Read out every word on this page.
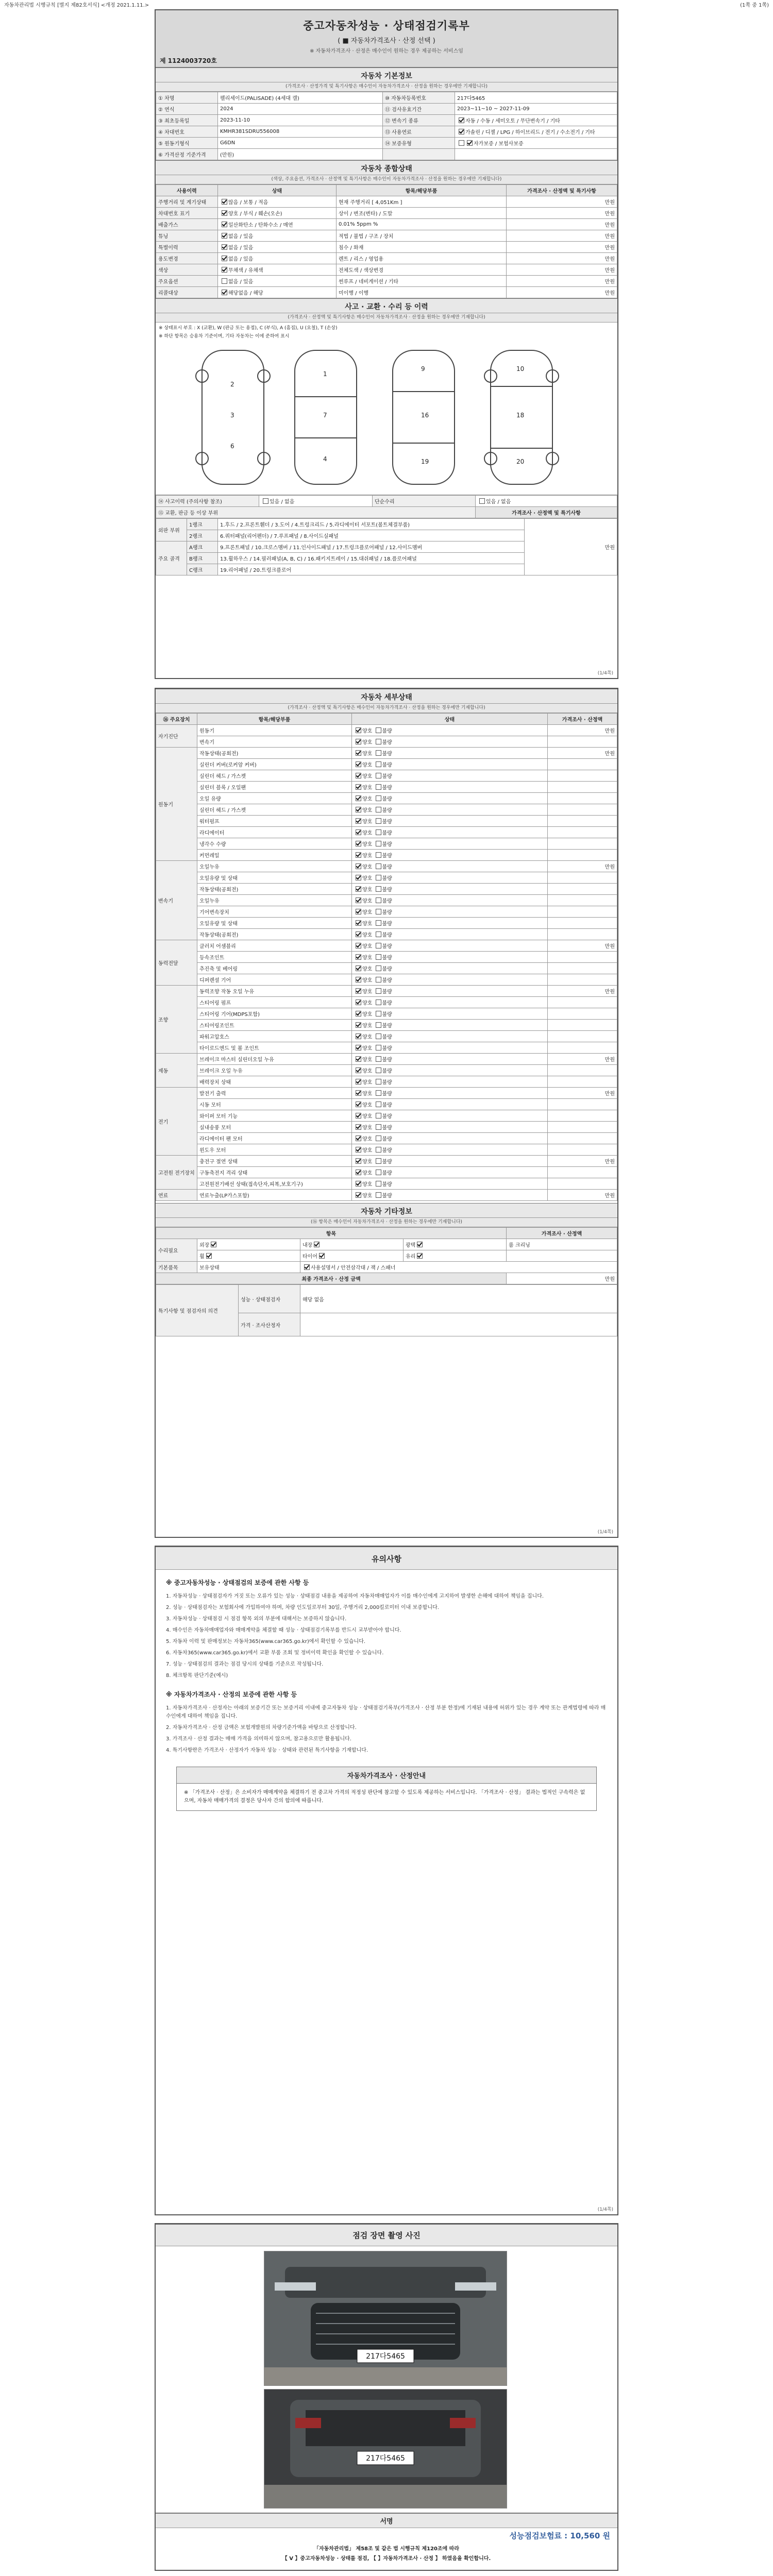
자동차관리법 시행규칙 [별지 제82호서식] <개정 2021.1.11.>	(1쪽 중 1쪽)
중고자동차성능 · 상태점검기록부
( ■ 자동차가격조사 · 산정 선택 )
※ 자동차가격조사 · 산정은 매수인이 원하는 경우 제공하는 서비스임
제 1124003720호
자동차 기본정보
(가격조사 · 산정가격 및 특기사항은 매수인이 자동차가격조사 · 산정을 원하는 경우에만 기재합니다)
① 차명	펠리세이드(PALISADE) (4세대 캘)	⑩ 자동차등록번호	217다5465
② 연식	2024	⑪ 검사유효기간	2023~11~10 ~ 2027-11-09
③ 최초등록일	2023-11-10	⑫ 변속기 종류	자동 / 수동 / 세미오토 / 무단변속기 / 기타
④ 차대번호	KMHR381SDRU556008	⑬ 사용연료	가솔린 / 디젤 / LPG / 하이브리드 / 전기 / 수소전기 / 기타
⑤ 원동기형식	G6DN	⑭ 보증유형	자가보증 / 보험사보증
⑥ 가격산정 기준가격	(만원)		
자동차 종합상태
(색상, 주요옵션, 가격조사 · 산정액 및 특기사항은 매수인이 자동차가격조사 · 산정을 원하는 경우에만 기재합니다)
사용이력	상태	항목/해당부품	가격조사 · 산정액 및 특기사항
주행거리 및 계기상태	많음 / 보통 / 적음	현재 주행거리 [ 4,051Km ]	만원
차대번호 표기	양호 / 부식 / 훼손(오손)	상이 / 변조(변타) / 도말	만원
배출가스	일산화탄소 / 탄화수소 / 매연	0.01% 5ppm %	만원
튜닝	없음 / 있음	적법 / 불법 / 구조 / 장치	만원
특별이력	없음 / 있음	침수 / 화재	만원
용도변경	없음 / 있음	렌트 / 리스 / 영업용	만원
색상	무채색 / 유채색	전체도색 / 색상변경	만원
주요옵션	없음 / 있음	썬루프 / 네비게이션 / 기타	만원
리콜대상	해당없음 / 해당	미이행 / 이행	만원
사고 · 교환 · 수리 등 이력
(가격조사 · 산정액 및 특기사항은 매수인이 자동차가격조사 · 산정을 원하는 경우에만 기재합니다)
※ 상태표시 부호 : X (교환), W (판금 또는 용접), C (부식), A (흠집), U (요철), T (손상)
※ 하단 항목은 승용차 기준이며, 기타 자동차는 이에 준하여 표시
1
7
4
3
2
6
9
16
19
10
18
20
⑭ 사고이력 (주의사항 참조)	있음 / 없음	단순수리	있음 / 없음
⑮ 교환, 판금 등 이상 부위			가격조사 · 산정액 및 특기사항
외판 부위	1랭크	1.후드 / 2.프론트휀더 / 3.도어 / 4.트렁크리드 / 5.라디에이터 서포트(볼트체결부품)	만원
	2랭크	6.쿼터패널(리어펜더) / 7.루프패널 / 8.사이드실패널	
주요 골격	A랭크	9.프론트패널 / 10.크로스멤버 / 11.인사이드패널 / 17.트렁크플로어패널 / 12.사이드멤버	
	B랭크	13.휠하우스 / 14.필러패널(A, B, C) / 16.패키지트레이 / 15.대쉬패널 / 18.플로어패널	
	C랭크	19.리어패널 / 20.트렁크플로어	
(1/4쪽)
자동차 세부상태
(가격조사 · 산정액 및 특기사항은 매수인이 자동차가격조사 · 산정을 원하는 경우에만 기재합니다)
⑯ 주요장치	항목/해당부품	상태	가격조사 · 산정액
자기진단	원동기	양호 불량	만원
	변속기	양호 불량	
원동기	작동상태(공회전)	양호 불량	만원
	실린더 커버(로커암 커버)	양호 불량	
	실린더 헤드 / 가스켓	양호 불량	
	실린더 블록 / 오일팬	양호 불량	
	오일 유량	양호 불량	
	실린더 헤드 / 가스켓	양호 불량	
	워터펌프	양호 불량	
	라디에이터	양호 불량	
	냉각수 수량	양호 불량	
	커먼레일	양호 불량	
변속기	오일누유	양호 불량	만원
	오일유량 및 상태	양호 불량	
	작동상태(공회전)	양호 불량	
	오일누유	양호 불량	
	기어변속장치	양호 불량	
	오일유량 및 상태	양호 불량	
	작동상태(공회전)	양호 불량	
동력전달	클러치 어셈블리	양호 불량	만원
	등속조인트	양호 불량	
	추진축 및 베어링	양호 불량	
	디퍼렌셜 기어	양호 불량	
조향	동력조향 작동 오일 누유	양호 불량	만원
	스티어링 펌프	양호 불량	
	스티어링 기어(MDPS포함)	양호 불량	
	스티어링조인트	양호 불량	
	파워고압호스	양호 불량	
	타이로드엔드 및 볼 조인트	양호 불량	
제동	브레이크 마스터 실린더오일 누유	양호 불량	만원
	브레이크 오일 누유	양호 불량	
	배력장치 상태	양호 불량	
전기	발전기 출력	양호 불량	만원
	시동 모터	양호 불량	
	와이퍼 모터 기능	양호 불량	
	실내송풍 모터	양호 불량	
	라디에이터 팬 모터	양호 불량	
	윈도우 모터	양호 불량	
고전원 전기장치	충전구 절연 상태	양호 불량	만원
	구동축전지 격리 상태	양호 불량	
	고전원전기배선 상태(접속단자,피복,보호기구)	양호 불량	
연료	연료누출(LP가스포함)	양호 불량	만원
자동차 기타정보
(⑯ 항목은 매수인이 자동차가격조사 · 산정을 원하는 경우에만 기재합니다)
항목				가격조사 · 산정액
수리필요	외장	내장	광택	룸 크리닝
	휠	타이어	유리	
기본품목	보유상태	사용설명서 / 안전삼각대 / 잭 / 스패너		
최종 가격조사 · 산정 금액				만원
특기사항 및 점검자의 의견	성능 · 상태점검자	해당 없음
	가격 · 조사산정자	
(1/4쪽)
유의사항
※ 중고자동차성능 · 상태점검의 보증에 관한 사항 등
1. 자동차성능 · 상태점검자가 거짓 또는 오류가 있는 성능 · 상태점검 내용을 제공하여 자동차매매업자가 이를 매수인에게 고지하여 발생한 손해에 대하여 책임을 집니다.
2. 성능 · 상태점검자는 보험회사에 가입하여야 하며, 차량 인도일로부터 30일, 주행거리 2,000킬로미터 이내 보증합니다.
3. 자동차성능 · 상태점검 시 점검 항목 외의 부분에 대해서는 보증하지 않습니다.
4. 매수인은 자동차매매업자와 매매계약을 체결할 때 성능 · 상태점검기록부를 반드시 교부받아야 합니다.
5. 자동차 이력 및 판매정보는 자동차365(www.car365.go.kr)에서 확인할 수 있습니다.
6. 자동차365(www.car365.go.kr)에서 교환 부품 조회 및 정비이력 확인을 확인할 수 있습니다.
7. 성능 · 상태점검의 결과는 점검 당시의 상태를 기준으로 작성됩니다.
8. 체크항목 판단기준(예시)
※ 자동차가격조사 · 산정의 보증에 관한 사항 등
1. 자동차가격조사 · 산정자는 아래의 보증기간 또는 보증거리 이내에 중고자동차 성능 · 상태점검기록부(가격조사 · 산정 부분 한정)에 기재된 내용에 허위가 있는 경우 계약 또는 관계법령에 따라 매수인에게 대하여 책임을 집니다.
2. 자동차가격조사 · 산정 금액은 보험개발원의 차량기준가액을 바탕으로 산정합니다.
3. 가격조사 · 산정 결과는 매매 가격을 의미하지 않으며, 참고용으로만 활용됩니다.
4. 특기사항란은 가격조사 · 산정자가 자동차 성능 · 상태와 관련된 특기사항을 기재합니다.
자동차가격조사 · 산정안내
※ 「가격조사 · 산정」은 소비자가 매매계약을 체결하기 전 중고차 가격의 적정성 판단에 참고할 수 있도록 제공하는 서비스입니다. 「가격조사 · 산정」 결과는 법적인 구속력은 없으며, 자동차 매매가격의 결정은 당사자 간의 합의에 따릅니다.
(1/4쪽)
점검 장면 촬영 사진
217다5465
217다5465
서명
성능점검보험료 : 10,560 원
「자동차관리법」 제58조 및 같은 법 시행규칙 제120조에 따라
【 V 】중고자동차성능 · 상태를 점검, 【 】자동차가격조사 · 산정 】 하였음을 확인합니다.
